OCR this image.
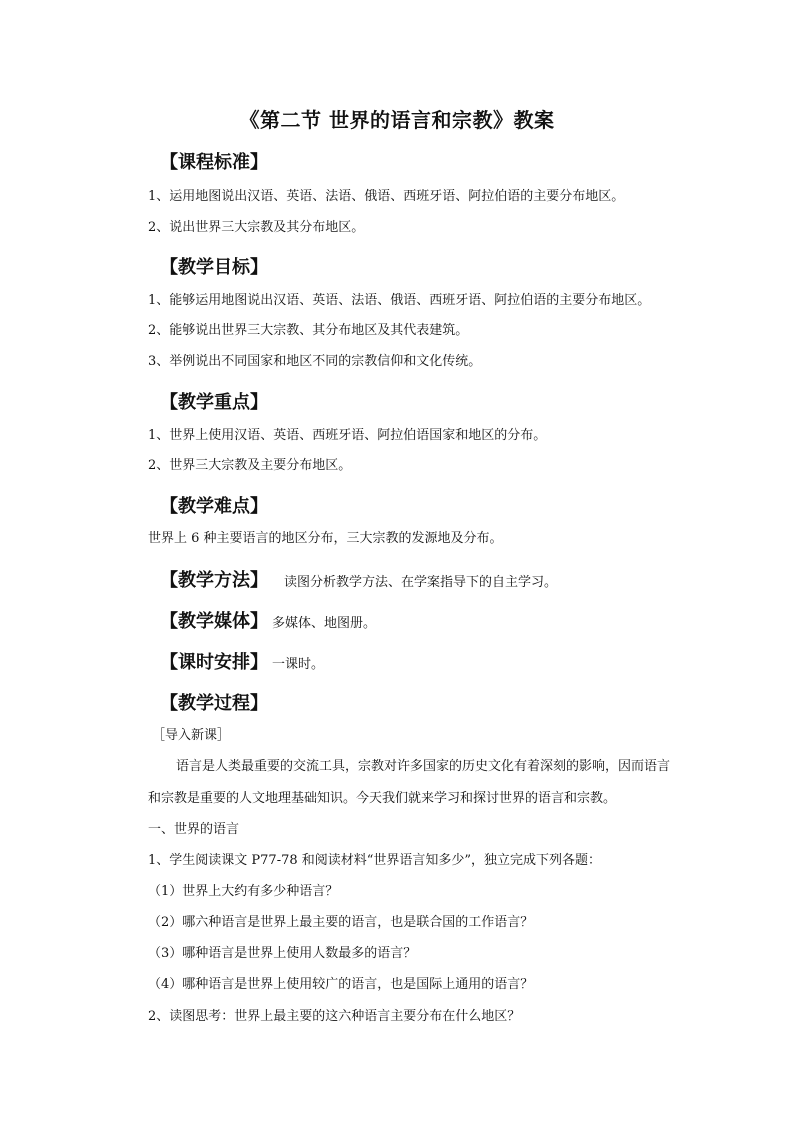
《第二节 世界的语言和宗教》教案
【课程标准】
1、运用地图说出汉语、英语、法语、俄语、西班牙语、阿拉伯语的主要分布地区。
2、说出世界三大宗教及其分布地区。
【教学目标】
1、能够运用地图说出汉语、英语、法语、俄语、西班牙语、阿拉伯语的主要分布地区。
2、能够说出世界三大宗教、其分布地区及其代表建筑。
3、举例说出不同国家和地区不同的宗教信仰和文化传统。
【教学重点】
1、世界上使用汉语、英语、西班牙语、阿拉伯语国家和地区的分布。
2、世界三大宗教及主要分布地区。
【教学难点】
世界上 6 种主要语言的地区分布，三大宗教的发源地及分布。
【教学方法】 读图分析教学方法、在学案指导下的自主学习。
【教学媒体】 多媒体、地图册。
【课时安排】 一课时。
【教学过程】
［导入新课］
语言是人类最重要的交流工具，宗教对许多国家的历史文化有着深刻的影响，因而语言
和宗教是重要的人文地理基础知识。今天我们就来学习和探讨世界的语言和宗教。
一、世界的语言
1、学生阅读课文 P77-78 和阅读材料“世界语言知多少”，独立完成下列各题：
（1）世界上大约有多少种语言？
（2）哪六种语言是世界上最主要的语言，也是联合国的工作语言？
（3）哪种语言是世界上使用人数最多的语言？
（4）哪种语言是世界上使用较广的语言，也是国际上通用的语言？
2、读图思考：世界上最主要的这六种语言主要分布在什么地区？
